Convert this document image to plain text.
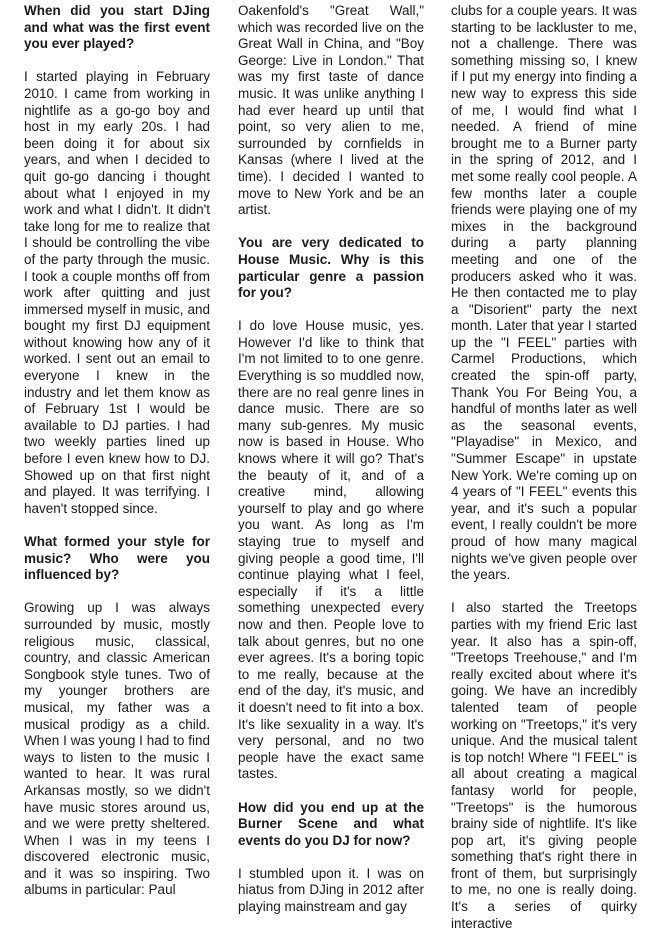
When did you start DJing and what was the first event you ever played?

I started playing in February 2010. I came from working in nightlife as a go-go boy and host in my early 20s. I had been doing it for about six years, and when I decided to quit go-go dancing i thought about what I enjoyed in my work and what I didn't. It didn't take long for me to realize that I should be controlling the vibe of the party through the music. I took a couple months off from work after quitting and just immersed myself in music, and bought my first DJ equipment without knowing how any of it worked. I sent out an email to everyone I knew in the industry and let them know as of February 1st I would be available to DJ parties. I had two weekly parties lined up before I even knew how to DJ. Showed up on that first night and played. It was terrifying. I haven't stopped since.

What formed your style for music? Who were you influenced by?

Growing up I was always surrounded by music, mostly religious music, classical, country, and classic American Songbook style tunes. Two of my younger brothers are musical, my father was a musical prodigy as a child. When I was young I had to find ways to listen to the music I wanted to hear. It was rural Arkansas mostly, so we didn't have music stores around us, and we were pretty sheltered. When I was in my teens I discovered electronic music, and it was so inspiring. Two albums in particular: Paul

Oakenfold's "Great Wall," which was recorded live on the Great Wall in China, and "Boy George: Live in London." That was my first taste of dance music. It was unlike anything I had ever heard up until that point, so very alien to me, surrounded by cornfields in Kansas (where I lived at the time). I decided I wanted to move to New York and be an artist.

You are very dedicated to House Music. Why is this particular genre a passion for you?

I do love House music, yes. However I'd like to think that I'm not limited to to one genre. Everything is so muddled now, there are no real genre lines in dance music. There are so many sub-genres. My music now is based in House. Who knows where it will go? That's the beauty of it, and of a creative mind, allowing yourself to play and go where you want. As long as I'm staying true to myself and giving people a good time, I'll continue playing what I feel, especially if it's a little something unexpected every now and then. People love to talk about genres, but no one ever agrees. It's a boring topic to me really, because at the end of the day, it's music, and it doesn't need to fit into a box. It's like sexuality in a way. It's very personal, and no two people have the exact same tastes.

How did you end up at the Burner Scene and what events do you DJ for now?

I stumbled upon it. I was on hiatus from DJing in 2012 after playing mainstream and gay

clubs for a couple years. It was starting to be lackluster to me, not a challenge. There was something missing so, I knew if I put my energy into finding a new way to express this side of me, I would find what I needed. A friend of mine brought me to a Burner party in the spring of 2012, and I met some really cool people. A few months later a couple friends were playing one of my mixes in the background during a party planning meeting and one of the producers asked who it was. He then contacted me to play a "Disorient" party the next month. Later that year I started up the "I FEEL" parties with Carmel Productions, which created the spin-off party, Thank You For Being You, a handful of months later as well as the seasonal events, "Playadise" in Mexico, and "Summer Escape" in upstate New York. We're coming up on 4 years of "I FEEL" events this year, and it's such a popular event, I really couldn't be more proud of how many magical nights we've given people over the years.

I also started the Treetops parties with my friend Eric last year. It also has a spin-off, "Treetops Treehouse," and I'm really excited about where it's going. We have an incredibly talented team of people working on "Treetops," it's very unique. And the musical talent is top notch! Where "I FEEL" is all about creating a magical fantasy world for people, "Treetops" is the humorous brainy side of nightlife. It's like pop art, it's giving people something that's right there in front of them, but surprisingly to me, no one is really doing. It's a series of quirky interactive
